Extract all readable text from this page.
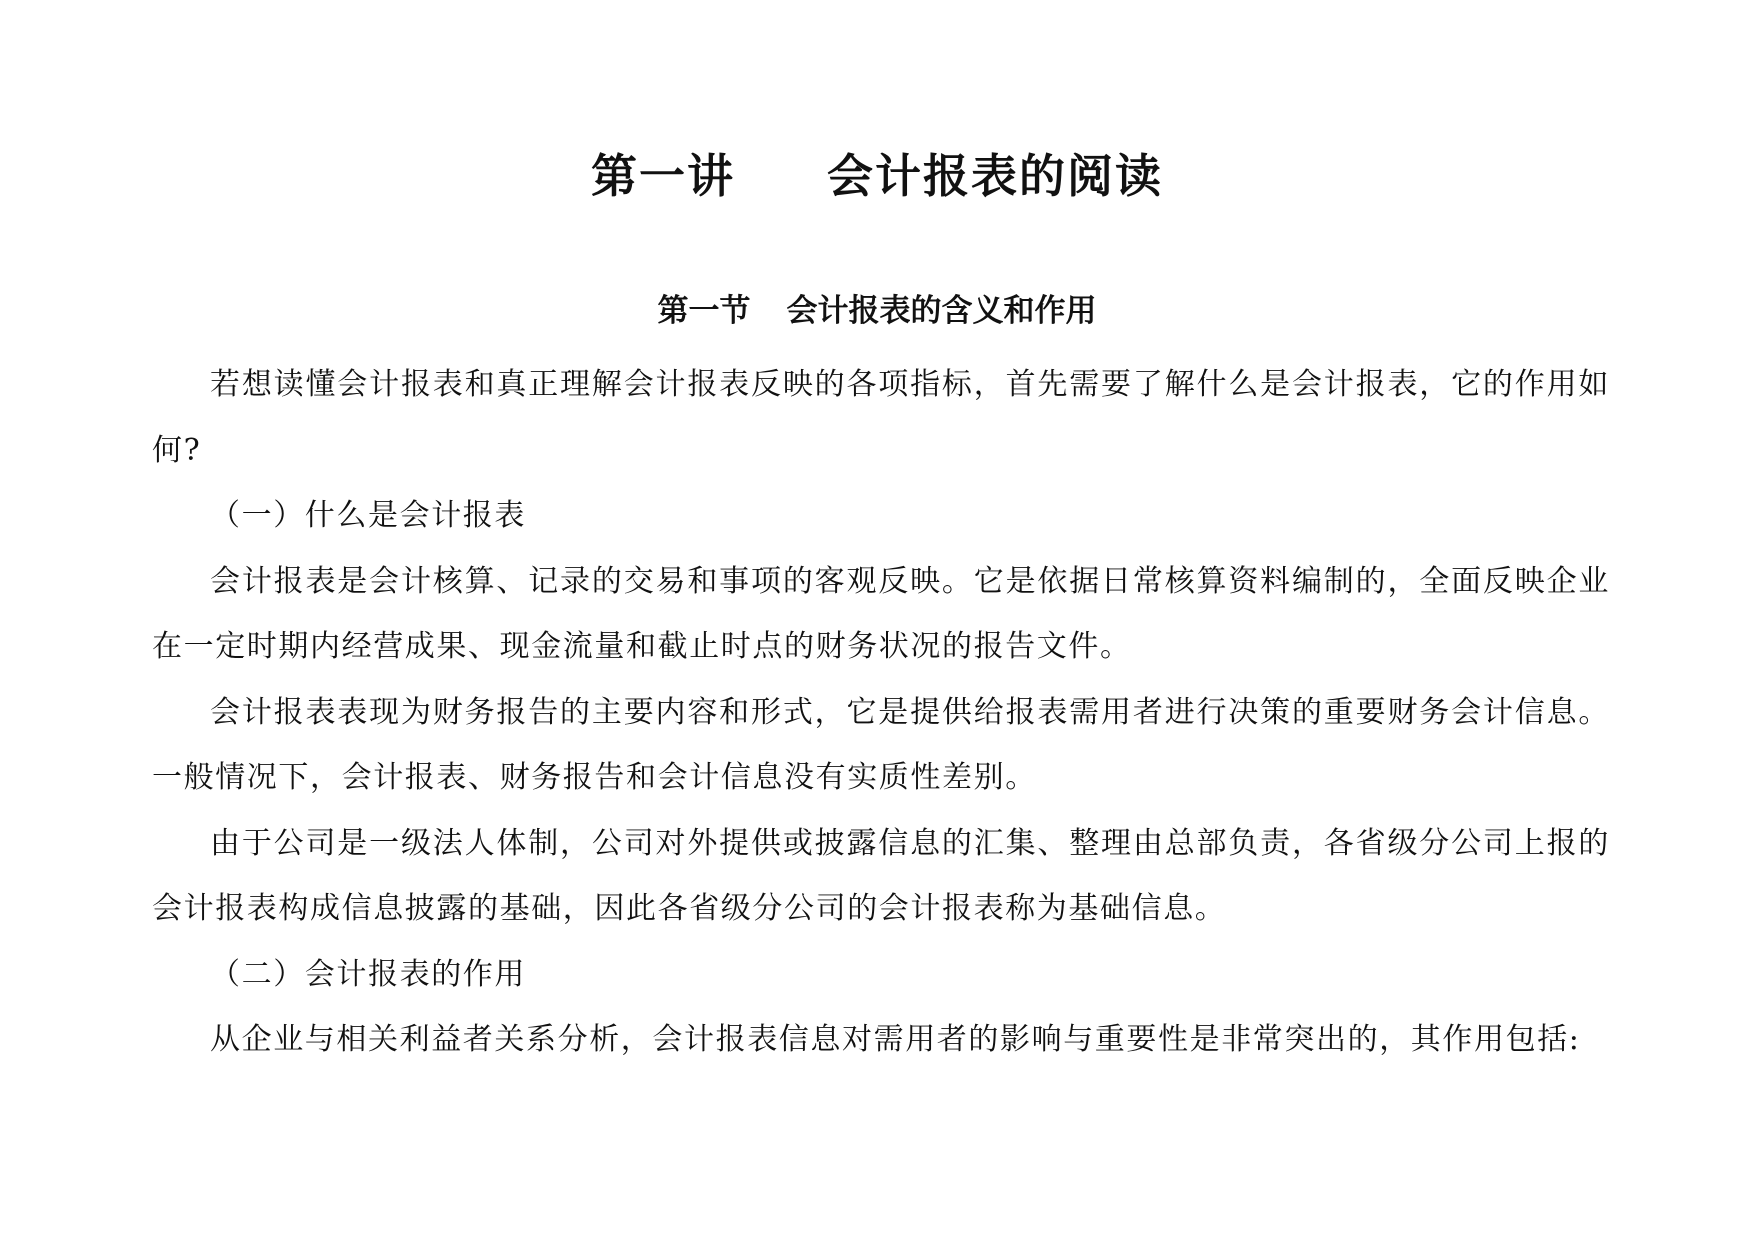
第一讲 会计报表的阅读
第一节 会计报表的含义和作用

若想读懂会计报表和真正理解会计报表反映的各项指标，首先需要了解什么是会计报表，它的作用如何?

（一）什么是会计报表

会计报表是会计核算、记录的交易和事项的客观反映。它是依据日常核算资料编制的，全面反映企业在一定时期内经营成果、现金流量和截止时点的财务状况的报告文件。

会计报表表现为财务报告的主要内容和形式，它是提供给报表需用者进行决策的重要财务会计信息。一般情况下，会计报表、财务报告和会计信息没有实质性差别。

由于公司是一级法人体制，公司对外提供或披露信息的汇集、整理由总部负责，各省级分公司上报的会计报表构成信息披露的基础，因此各省级分公司的会计报表称为基础信息。

（二）会计报表的作用

从企业与相关利益者关系分析，会计报表信息对需用者的影响与重要性是非常突出的，其作用包括:
